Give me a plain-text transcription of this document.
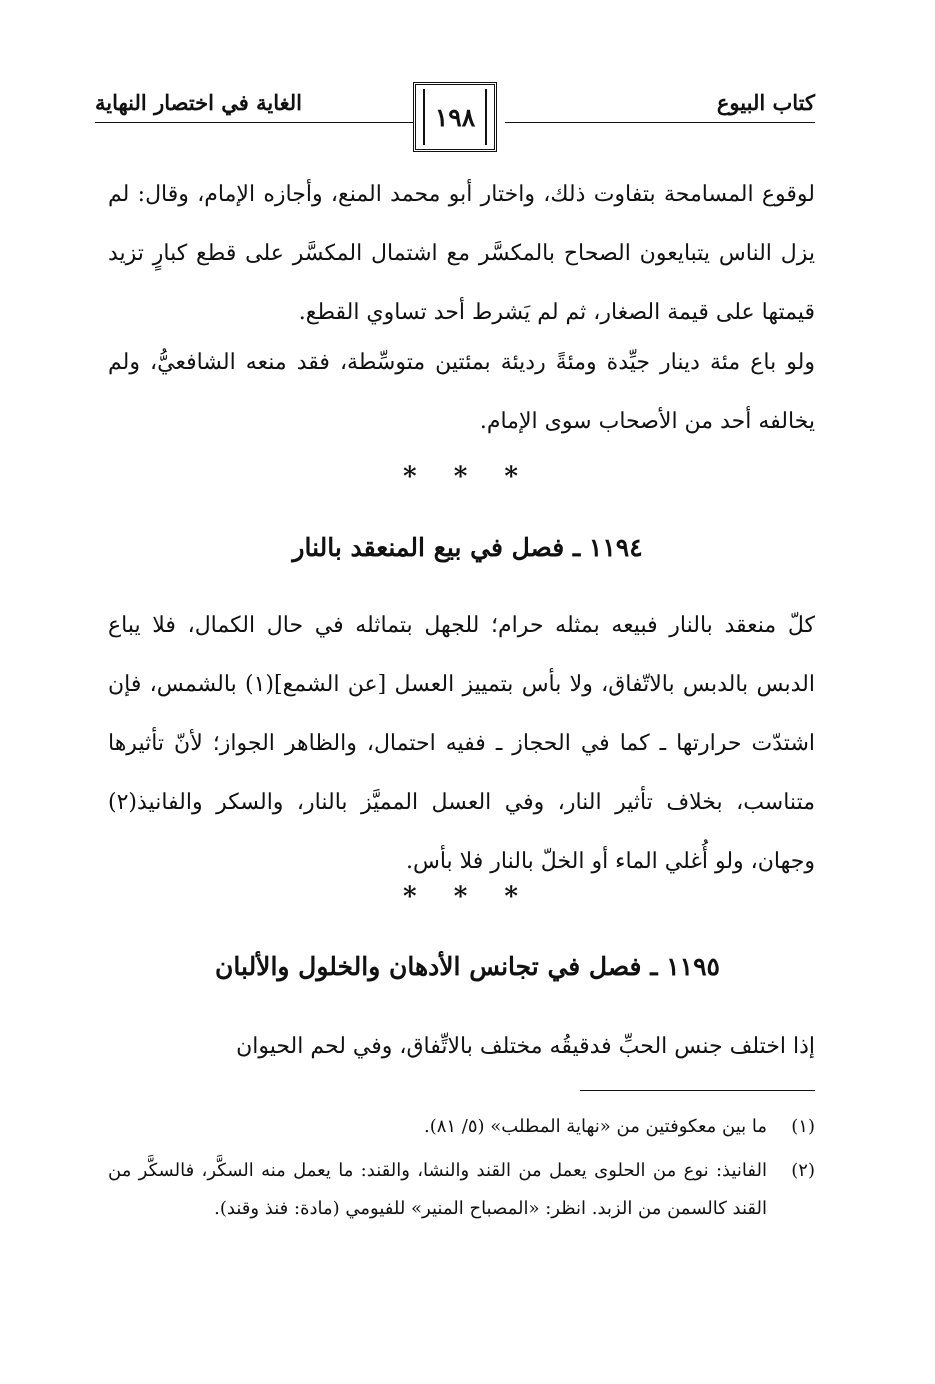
كتاب البيوع
الغاية في اختصار النهاية	١٩٨
لوقوع المسامحة بتفاوت ذلك، واختار أبو محمد المنع، وأجازه الإمام، وقال: لم يزل الناس يتبايعون الصحاح بالمكسَّر مع اشتمال المكسَّر على قطع كبارٍ تزيد قيمتها على قيمة الصغار، ثم لم يَشرط أحد تساوي القطع.
ولو باع مئة دينار جيِّدة ومئةً رديئة بمئتين متوسِّطة، فقد منعه الشافعيُّ، ولم يخالفه أحد من الأصحاب سوى الإمام.
* * *
١١٩٤ ـ فصل في بيع المنعقد بالنار
كلّ منعقد بالنار فبيعه بمثله حرام؛ للجهل بتماثله في حال الكمال، فلا يباع الدبس بالدبس بالاتّفاق، ولا بأس بتمييز العسل [عن الشمع](١) بالشمس، فإن اشتدّت حرارتها ـ كما في الحجاز ـ ففيه احتمال، والظاهر الجواز؛ لأنّ تأثيرها متناسب، بخلاف تأثير النار، وفي العسل المميَّز بالنار، والسكر والفانيذ(٢) وجهان، ولو أُغلي الماء أو الخلّ بالنار فلا بأس.
* * *
١١٩٥ ـ فصل في تجانس الأدهان والخلول والألبان
إذا اختلف جنس الحبِّ فدقيقُه مختلف بالاتِّفاق، وفي لحم الحيوان
(١)
ما بين معكوفتين من «نهاية المطلب» (٥/ ٨١).
(٢)
الفانيذ: نوع من الحلوى يعمل من القند والنشا، والقند: ما يعمل منه السكَّر، فالسكَّر من القند كالسمن من الزبد. انظر: «المصباح المنير» للفيومي (مادة: فنذ وقند).
